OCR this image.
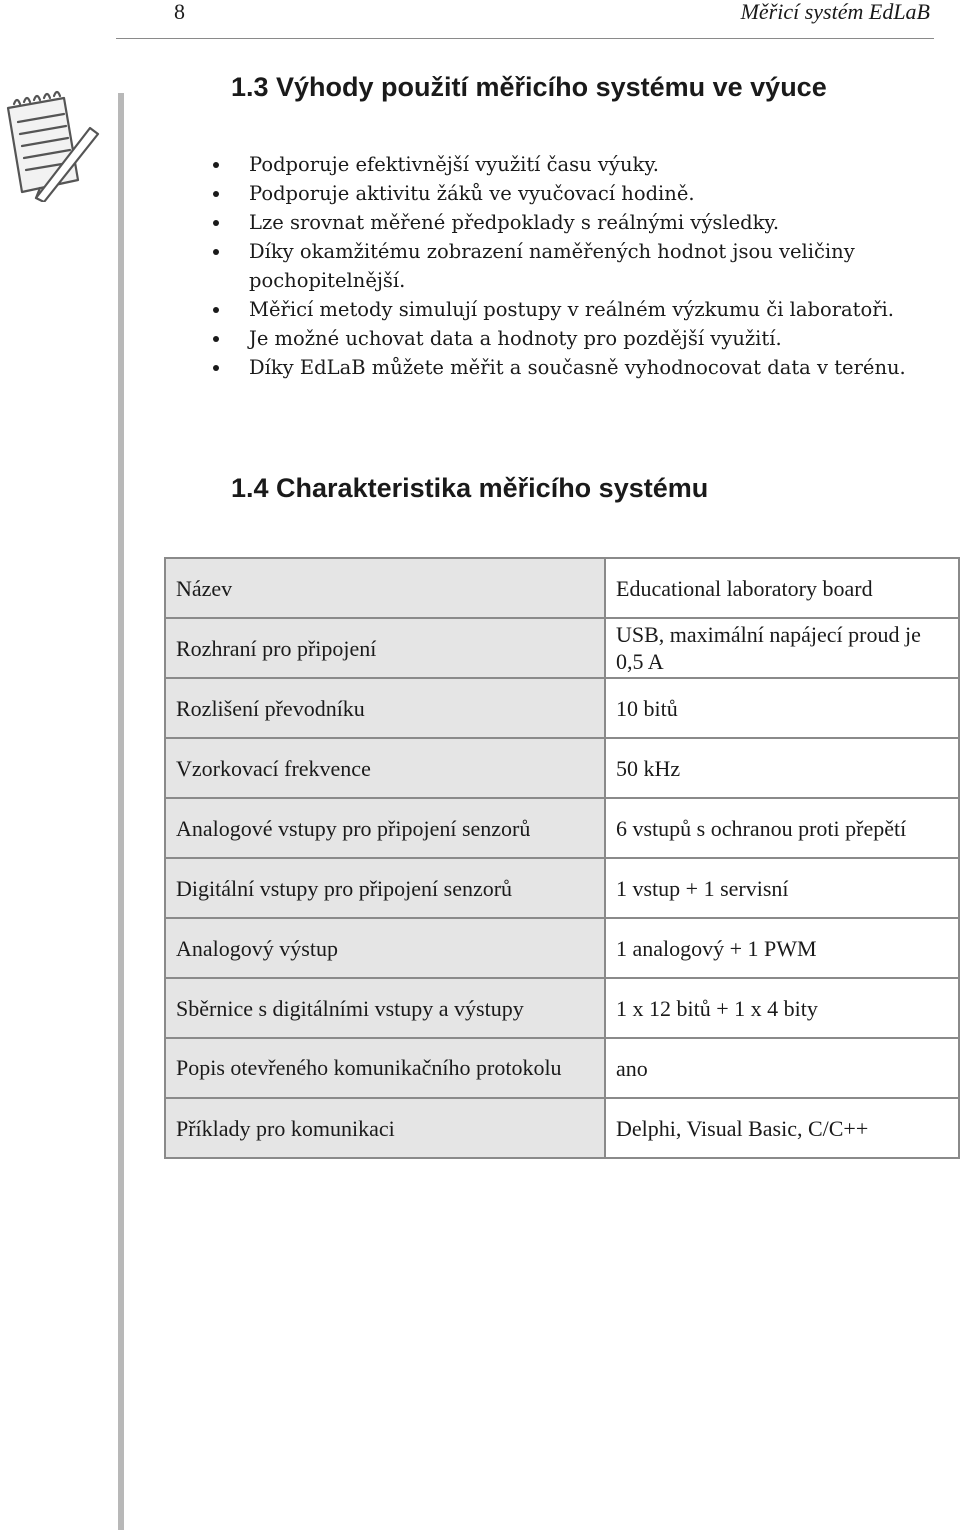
8	Měřicí systém EdLaB
1.3 Výhody použití měřicího systému ve výuce
Podporuje efektivnější využití času výuky.
Podporuje aktivitu žáků ve vyučovací hodině.
Lze srovnat měřené předpoklady s reálnými výsledky.
Díky okamžitému zobrazení naměřených hodnot jsou veličiny pochopitelnější.
Měřicí metody simulují postupy v reálném výzkumu či laboratoři.
Je možné uchovat data a hodnoty pro pozdější využití.
Díky EdLaB můžete měřit a současně vyhodnocovat data v terénu.
1.4 Charakteristika měřicího systému
Název	Educational laboratory board
Rozhraní pro připojení	USB, maximální napájecí proud je 0,5 A
Rozlišení převodníku	10 bitů
Vzorkovací frekvence	50 kHz
Analogové vstupy pro připojení senzorů	6 vstupů s ochranou proti přepětí
Digitální vstupy pro připojení senzorů	1 vstup + 1 servisní
Analogový výstup	1 analogový + 1 PWM
Sběrnice s digitálními vstupy a výstupy	1 x 12 bitů + 1 x 4 bity
Popis otevřeného komunikačního protokolu	ano
Příklady pro komunikaci	Delphi, Visual Basic, C/C++
